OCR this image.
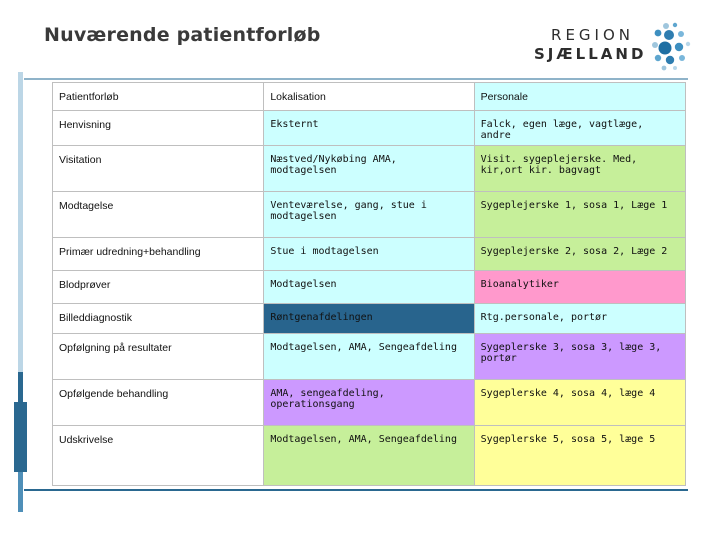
Nuværende patientforløb	REGION
SJÆLLAND
Patientforløb	Lokalisation	Personale
Henvisning	Eksternt	Falck, egen læge, vagtlæge, andre
Visitation	Næstved/Nykøbing AMA, modtagelsen	Visit. sygeplejerske. Med, kir,ort kir. bagvagt
Modtagelse	Venteværelse, gang, stue i modtagelsen	Sygeplejerske 1, sosa 1, Læge 1
Primær udredning+behandling	Stue i modtagelsen	Sygeplejerske 2, sosa 2, Læge 2
Blodprøver	Modtagelsen	Bioanalytiker
Billeddiagnostik	Røntgenafdelingen	Rtg.personale, portør
Opfølgning på resultater	Modtagelsen, AMA, Sengeafdeling	Sygeplerske 3, sosa 3, læge 3, portør
Opfølgende behandling	AMA, sengeafdeling, operationsgang	Sygeplerske 4, sosa 4, læge 4
Udskrivelse	Modtagelsen, AMA, Sengeafdeling	Sygeplerske 5, sosa 5, læge 5
